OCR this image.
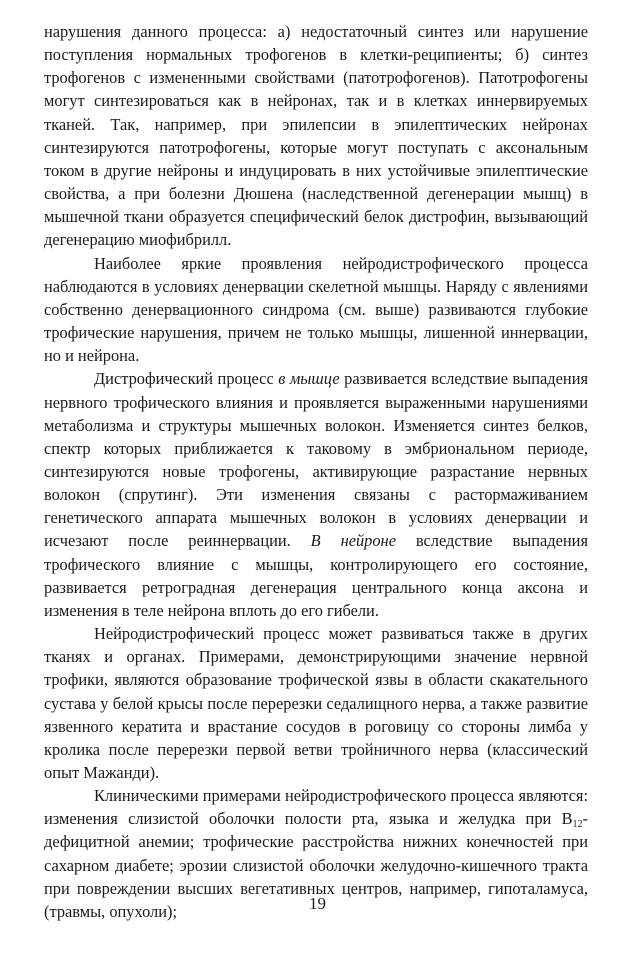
нарушения данного процесса: а) недостаточный синтез или нарушение поступления нормальных трофогенов в клетки-реципиенты; б) синтез трофогенов с измененными свойствами (патотрофогенов). Патотрофогены могут синтезироваться как в нейронах, так и в клетках иннервируемых тканей. Так, например, при эпилепсии в эпилептических нейронах синтезируются патотрофогены, которые могут поступать с аксональным током в другие нейроны и индуцировать в них устойчивые эпилептические свойства, а при болезни Дюшена (наследственной дегенерации мышц) в мышечной ткани образуется специфический белок дистрофин, вызывающий дегенерацию миофибрилл.

Наиболее яркие проявления нейродистрофического процесса наблюдаются в условиях денервации скелетной мышцы. Наряду с явлениями собственно денервационного синдрома (см. выше) развиваются глубокие трофические нарушения, причем не только мышцы, лишенной иннервации, но и нейрона.

Дистрофический процесс в мышце развивается вследствие выпадения нервного трофического влияния и проявляется выраженными нарушениями метаболизма и структуры мышечных волокон. Изменяется синтез белков, спектр которых приближается к таковому в эмбриональном периоде, синтезируются новые трофогены, активирующие разрастание нервных волокон (спрутинг). Эти изменения связаны с растормаживанием генетического аппарата мышечных волокон в условиях денервации и исчезают после реиннервации. В нейроне вследствие выпадения трофического влияние с мышцы, контролирующего его состояние, развивается ретроградная дегенерация центрального конца аксона и изменения в теле нейрона вплоть до его гибели.

Нейродистрофический процесс может развиваться также в других тканях и органах. Примерами, демонстрирующими значение нервной трофики, являются образование трофической язвы в области скакательного сустава у белой крысы после перерезки седалищного нерва, а также развитие язвенного кератита и врастание сосудов в роговицу со стороны лимба у кролика после перерезки первой ветви тройничного нерва (классический опыт Мажанди).

Клиническими примерами нейродистрофического процесса являются: изменения слизистой оболочки полости рта, языка и желудка при $В_{12}$-дефицитной анемии; трофические расстройства нижних конечностей при сахарном диабете; эрозии слизистой оболочки желудочно-кишечного тракта при повреждении высших вегетативных центров, например, гипоталамуса, (травмы, опухоли);	19
